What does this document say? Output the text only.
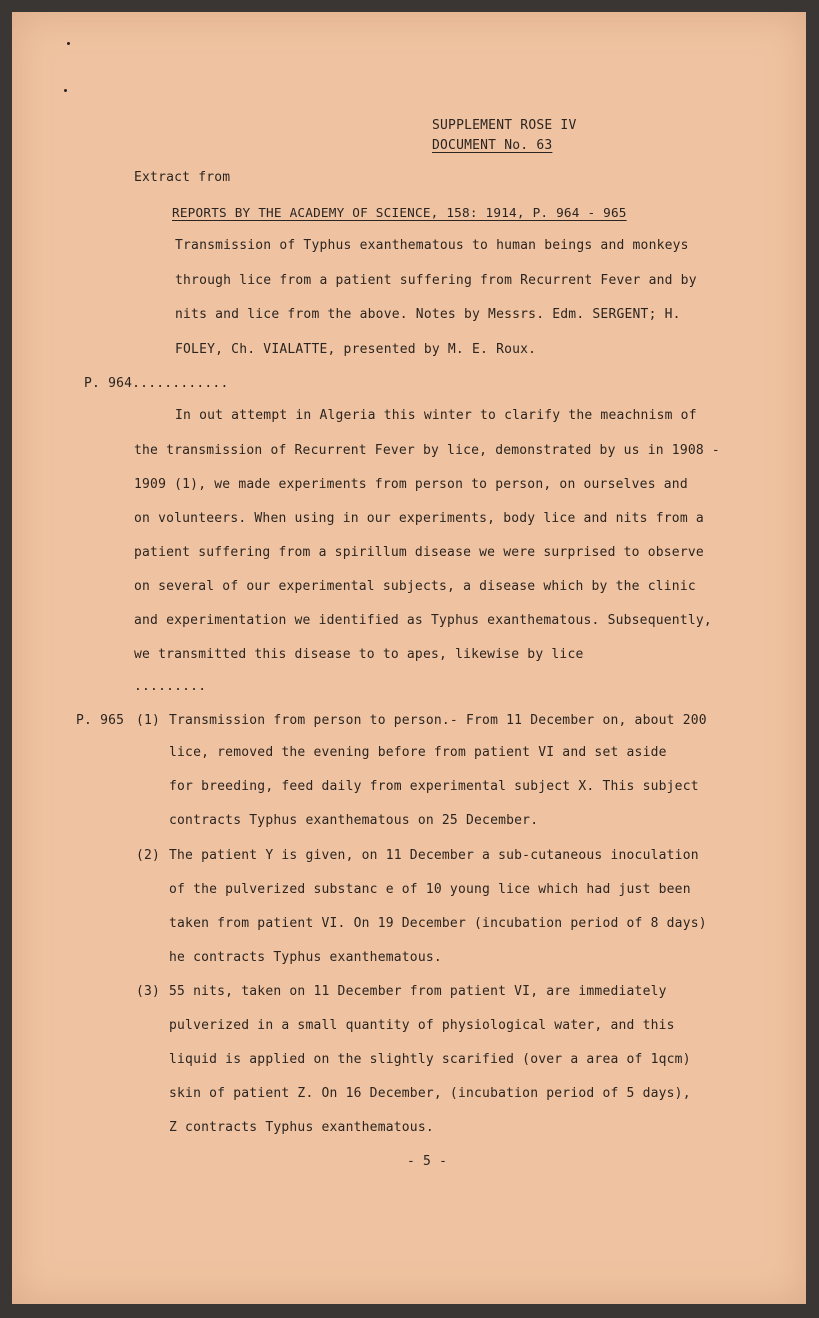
SUPPLEMENT ROSE IV
DOCUMENT No. 63
Extract from
REPORTS BY THE ACADEMY OF SCIENCE, 158: 1914, P. 964 - 965
Transmission of Typhus exanthematous to human beings and monkeys
through lice from a patient suffering from Recurrent Fever and by
nits and lice from the above. Notes by Messrs. Edm. SERGENT; H.
FOLEY, Ch. VIALATTE, presented by M. E. Roux.
P. 964............
In out attempt in Algeria this winter to clarify the meachnism of
the transmission of Recurrent Fever by lice, demonstrated by us in 1908 -
1909 (1), we made experiments from person to person, on ourselves and
on volunteers. When using in our experiments, body lice and nits from a
patient suffering from a spirillum disease we were surprised to observe
on several of our experimental subjects, a disease which by the clinic
and experimentation we identified as Typhus exanthematous. Subsequently,
we transmitted this disease to to apes, likewise by lice
.........
P. 965 (1) Transmission from person to person.- From 11 December on, about 200
lice, removed the evening before from patient VI and set aside
for breeding, feed daily from experimental subject X. This subject
contracts Typhus exanthematous on 25 December.
(2) The patient Y is given, on 11 December a sub-cutaneous inoculation
of the pulverized substanc e of 10 young lice which had just been
taken from patient VI. On 19 December (incubation period of 8 days)
he contracts Typhus exanthematous.
(3) 55 nits, taken on 11 December from patient VI, are immediately
pulverized in a small quantity of physiological water, and this
liquid is applied on the slightly scarified (over a area of 1qcm)
skin of patient Z. On 16 December, (incubation period of 5 days),
Z contracts Typhus exanthematous.
- 5 -
